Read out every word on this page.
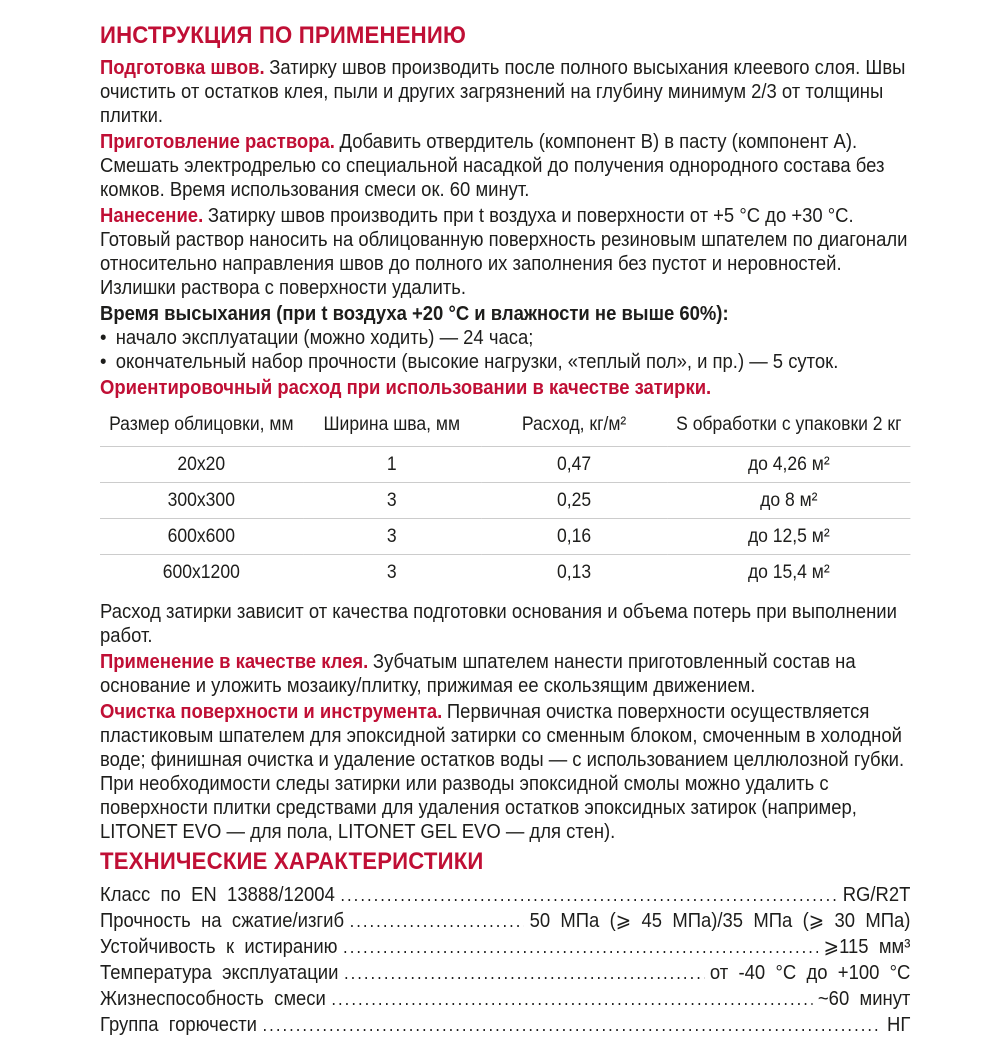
ИНСТРУКЦИЯ ПО ПРИМЕНЕНИЮ

Подготовка швов. Затирку швов производить после полного высыхания клеевого слоя. Швы очистить от остатков клея, пыли и других загрязнений на глубину минимум 2/3 от толщины плитки.

Приготовление раствора. Добавить отвердитель (компонент В) в пасту (компонент А). Смешать электродрелью со специальной насадкой до получения однородного состава без комков. Время использования смеси ок. 60 минут.

Нанесение. Затирку швов производить при t воздуха и поверхности от +5 °C до +30 °C. Готовый раствор наносить на облицованную поверхность резиновым шпателем по диагонали относительно направления швов до полного их заполнения без пустот и неровностей. Излишки раствора с поверхности удалить.

Время высыхания (при t воздуха +20 °C и влажности не выше 60%):

• начало эксплуатации (можно ходить) — 24 часа;
• окончательный набор прочности (высокие нагрузки, «теплый пол», и пр.) — 5 суток.

Ориентировочный расход при использовании в качестве затирки.

Размер облицовки, мм	Ширина шва, мм	Расход, кг/м²	S обработки с упаковки 2 кг
20x20	1	0,47	до 4,26 м²
300x300	3	0,25	до 8 м²
600x600	3	0,16	до 12,5 м²
600x1200	3	0,13	до 15,4 м²

Расход затирки зависит от качества подготовки основания и объема потерь при выполнении работ.

Применение в качестве клея. Зубчатым шпателем нанести приготовленный состав на основание и уложить мозаику/плитку, прижимая ее скользящим движением.

Очистка поверхности и инструмента. Первичная очистка поверхности осуществляется пластиковым шпателем для эпоксидной затирки со сменным блоком, смоченным в холодной воде; финишная очистка и удаление остатков воды — с использованием целлюлозной губки. При необходимости следы затирки или разводы эпоксидной смолы можно удалить с поверхности плитки средствами для удаления остатков эпоксидных затирок (например, LITONET EVO — для пола, LITONET GEL EVO — для стен).

ТЕХНИЧЕСКИЕ ХАРАКТЕРИСТИКИ
Класс по EN 13888/12004 .....	RG/R2T
Прочность на сжатие/изгиб .....	50 МПа (⩾ 45 МПа)/35 МПа (⩾ 30 МПа)
Устойчивость к истиранию .....	⩾115 мм³
Температура эксплуатации .....	от -40 °C до +100 °C
Жизнеспособность смеси .....	~60 минут
Группа горючести .....	НГ
